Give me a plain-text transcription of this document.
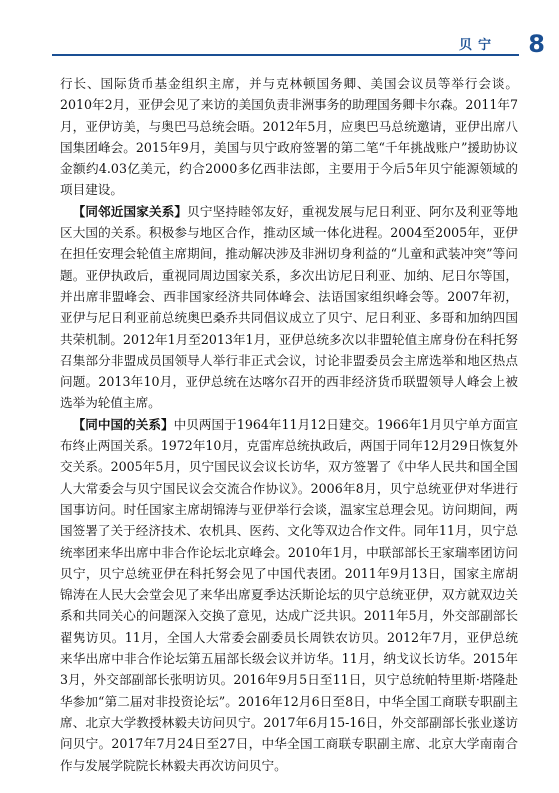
贝宁 8

行长、国际货币基金组织主席，并与克林顿国务卿、美国会议员等举行会谈。2010年2月，亚伊会见了来访的美国负责非洲事务的助理国务卿卡尔森。2011年7月，亚伊访美，与奥巴马总统会晤。2012年5月，应奥巴马总统邀请，亚伊出席八国集团峰会。2015年9月，美国与贝宁政府签署的第二笔“千年挑战账户”援助协议金额约4.03亿美元，约合2000多亿西非法郎，主要用于今后5年贝宁能源领域的项目建设。

【同邻近国家关系】贝宁坚持睦邻友好，重视发展与尼日利亚、阿尔及利亚等地区大国的关系。积极参与地区合作，推动区域一体化进程。2004至2005年，亚伊在担任安理会轮值主席期间，推动解决涉及非洲切身利益的“儿童和武装冲突”等问题。亚伊执政后，重视同周边国家关系，多次出访尼日利亚、加纳、尼日尔等国，并出席非盟峰会、西非国家经济共同体峰会、法语国家组织峰会等。2007年初，亚伊与尼日利亚前总统奥巴桑乔共同倡议成立了贝宁、尼日利亚、多哥和加纳四国共荣机制。2012年1月至2013年1月，亚伊总统多次以非盟轮值主席身份在科托努召集部分非盟成员国领导人举行非正式会议，讨论非盟委员会主席选举和地区热点问题。2013年10月，亚伊总统在达喀尔召开的西非经济货币联盟领导人峰会上被选举为轮值主席。

【同中国的关系】中贝两国于1964年11月12日建交。1966年1月贝宁单方面宣布终止两国关系。1972年10月，克雷库总统执政后，两国于同年12月29日恢复外交关系。2005年5月，贝宁国民议会议长访华，双方签署了《中华人民共和国全国人大常委会与贝宁国民议会交流合作协议》。2006年8月，贝宁总统亚伊对华进行国事访问。时任国家主席胡锦涛与亚伊举行会谈，温家宝总理会见。访问期间，两国签署了关于经济技术、农机具、医药、文化等双边合作文件。同年11月，贝宁总统率团来华出席中非合作论坛北京峰会。2010年1月，中联部部长王家瑞率团访问贝宁，贝宁总统亚伊在科托努会见了中国代表团。2011年9月13日，国家主席胡锦涛在人民大会堂会见了来华出席夏季达沃斯论坛的贝宁总统亚伊，双方就双边关系和共同关心的问题深入交换了意见，达成广泛共识。2011年5月，外交部副部长翟隽访贝。11月，全国人大常委会副委员长周铁农访贝。2012年7月，亚伊总统来华出席中非合作论坛第五届部长级会议并访华。11月，纳戈议长访华。2015年3月，外交部副部长张明访贝。2016年9月5日至11日，贝宁总统帕特里斯·塔隆赴华参加“第二届对非投资论坛”。2016年12月6日至8日，中华全国工商联专职副主席、北京大学教授林毅夫访问贝宁。2017年6月15-16日，外交部副部长张业遂访问贝宁。2017年7月24日至27日，中华全国工商联专职副主席、北京大学南南合作与发展学院院长林毅夫再次访问贝宁。
